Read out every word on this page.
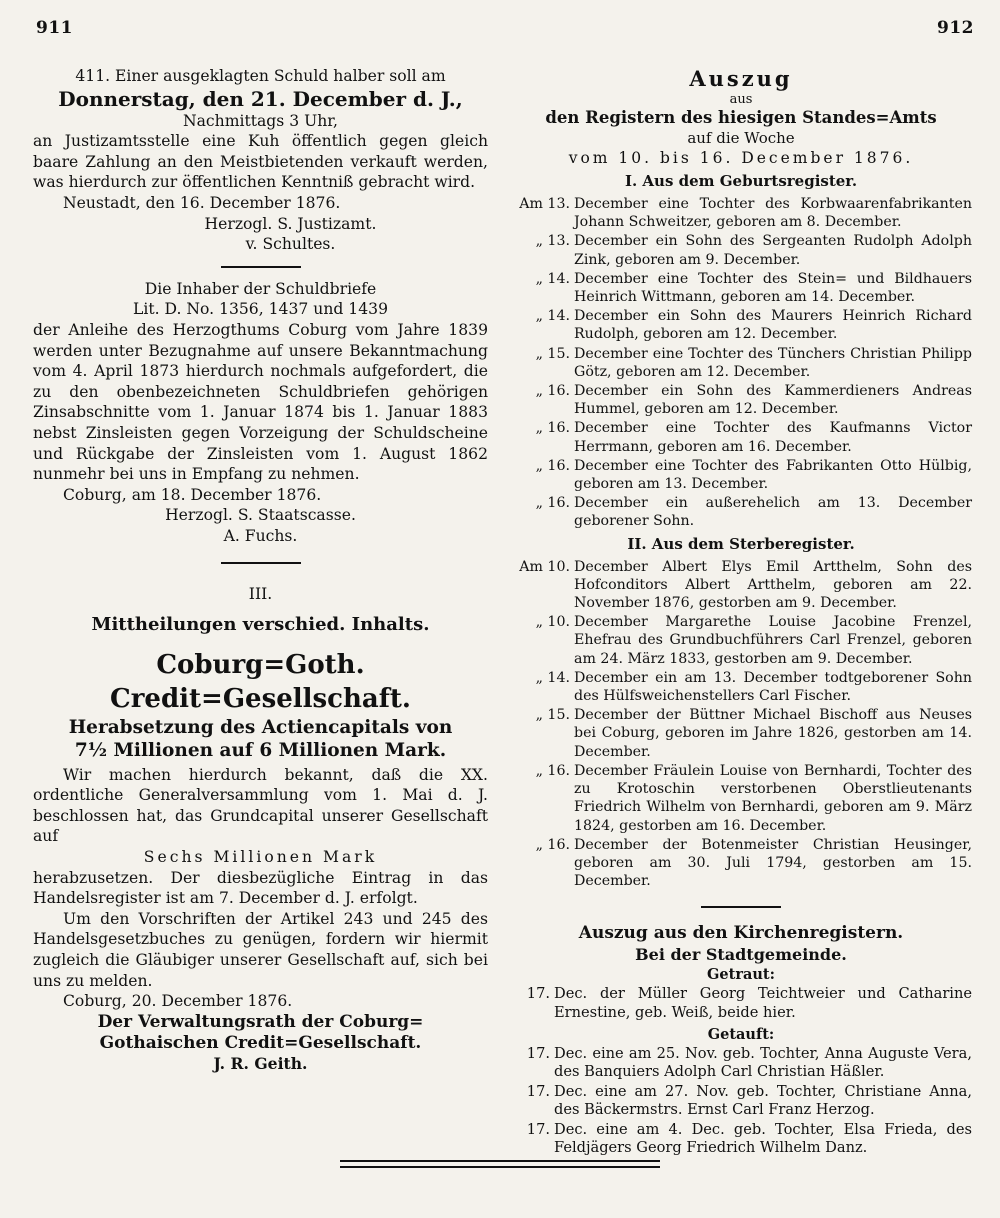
911	912
411. Einer ausgeklagten Schuld halber soll am
Donnerstag, den 21. December d. J.,
Nachmittags 3 Uhr,
an Justizamtsstelle eine Kuh öffentlich gegen gleich baare Zahlung an den Meistbietenden verkauft werden, was hierdurch zur öffentlichen Kenntniß gebracht wird.
Neustadt, den 16. December 1876.
Herzogl. S. Justizamt.
v. Schultes.
Die Inhaber der Schuldbriefe
Lit. D. No. 1356, 1437 und 1439
der Anleihe des Herzogthums Coburg vom Jahre 1839 werden unter Bezugnahme auf unsere Bekanntmachung vom 4. April 1873 hierdurch nochmals aufgefordert, die zu den obenbezeichneten Schuldbriefen gehörigen Zinsabschnitte vom 1. Januar 1874 bis 1. Januar 1883 nebst Zinsleisten gegen Vorzeigung der Schuldscheine und Rückgabe der Zinsleisten vom 1. August 1862 nunmehr bei uns in Empfang zu nehmen.
Coburg, am 18. December 1876.
Herzogl. S. Staatscasse.
A. Fuchs.
III.
Mittheilungen verschied. Inhalts.
Coburg=Goth. Credit=Gesellschaft.
Herabsetzung des Actiencapitals von
7½ Millionen auf 6 Millionen Mark.
Wir machen hierdurch bekannt, daß die XX. ordentliche Generalversammlung vom 1. Mai d. J. beschlossen hat, das Grundcapital unserer Gesellschaft auf
Sechs Millionen Mark
herabzusetzen. Der diesbezügliche Eintrag in das Handelsregister ist am 7. December d. J. erfolgt.
Um den Vorschriften der Artikel 243 und 245 des Handelsgesetzbuches zu genügen, fordern wir hiermit zugleich die Gläubiger unserer Gesellschaft auf, sich bei uns zu melden.
Coburg, 20. December 1876.
Der Verwaltungsrath der Coburg=
Gothaischen Credit=Gesellschaft.
J. R. Geith.
Auszug
aus
den Registern des hiesigen Standes=Amts
auf die Woche
vom 10. bis 16. December 1876.
I. Aus dem Geburtsregister.
Am 13. December eine Tochter des Korbwaarenfabrikanten Johann Schweitzer, geboren am 8. December.
„ 13. December ein Sohn des Sergeanten Rudolph Adolph Zink, geboren am 9. December.
„ 14. December eine Tochter des Stein= und Bildhauers Heinrich Wittmann, geboren am 14. December.
„ 14. December ein Sohn des Maurers Heinrich Richard Rudolph, geboren am 12. December.
„ 15. December eine Tochter des Tünchers Christian Philipp Götz, geboren am 12. December.
„ 16. December ein Sohn des Kammerdieners Andreas Hummel, geboren am 12. December.
„ 16. December eine Tochter des Kaufmanns Victor Herrmann, geboren am 16. December.
„ 16. December eine Tochter des Fabrikanten Otto Hülbig, geboren am 13. December.
„ 16. December ein außerehelich am 13. December geborener Sohn.
II. Aus dem Sterberegister.
Am 10. December Albert Elys Emil Artthelm, Sohn des Hofconditors Albert Artthelm, geboren am 22. November 1876, gestorben am 9. December.
„ 10. December Margarethe Louise Jacobine Frenzel, Ehefrau des Grundbuchführers Carl Frenzel, geboren am 24. März 1833, gestorben am 9. December.
„ 14. December ein am 13. December todtgeborener Sohn des Hülfsweichenstellers Carl Fischer.
„ 15. December der Büttner Michael Bischoff aus Neuses bei Coburg, geboren im Jahre 1826, gestorben am 14. December.
„ 16. December Fräulein Louise von Bernhardi, Tochter des zu Krotoschin verstorbenen Oberstlieutenants Friedrich Wilhelm von Bernhardi, geboren am 9. März 1824, gestorben am 16. December.
„ 16. December der Botenmeister Christian Heusinger, geboren am 30. Juli 1794, gestorben am 15. December.
Auszug aus den Kirchenregistern.
Bei der Stadtgemeinde.
Getraut:
17. Dec. der Müller Georg Teichtweier und Catharine Ernestine, geb. Weiß, beide hier.
Getauft:
17. Dec. eine am 25. Nov. geb. Tochter, Anna Auguste Vera, des Banquiers Adolph Carl Christian Häßler.
17. Dec. eine am 27. Nov. geb. Tochter, Christiane Anna, des Bäckermstrs. Ernst Carl Franz Herzog.
17. Dec. eine am 4. Dec. geb. Tochter, Elsa Frieda, des Feldjägers Georg Friedrich Wilhelm Danz.
